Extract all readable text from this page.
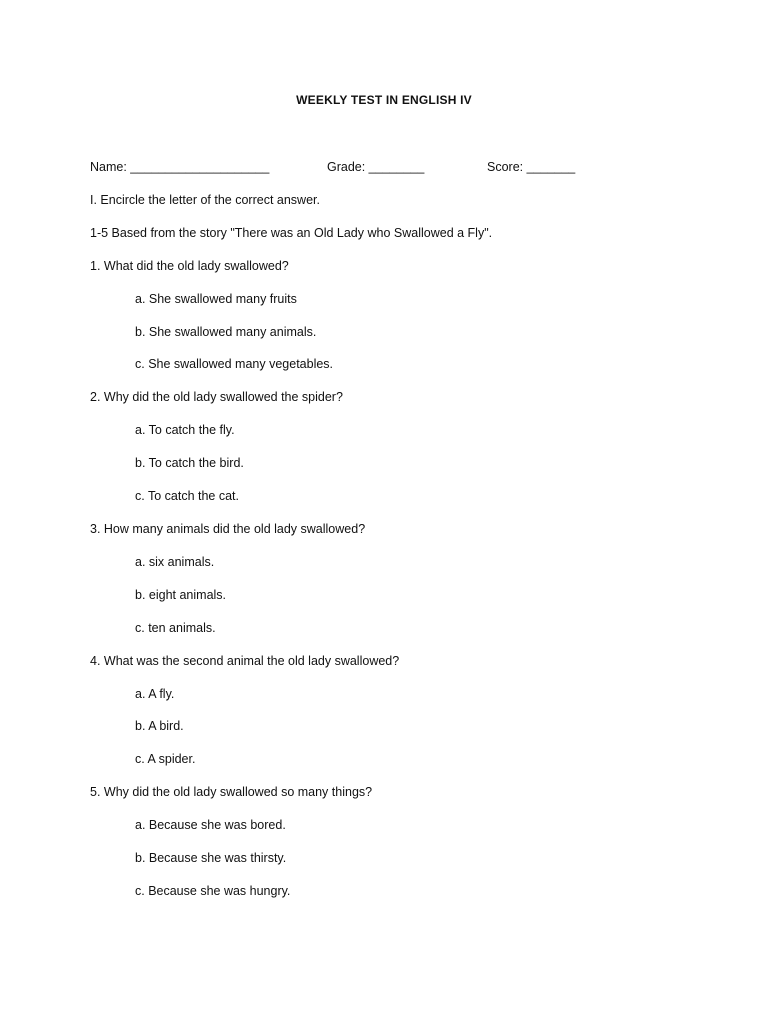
WEEKLY TEST IN ENGLISH IV
Name: ____________________	Grade: ________	Score: _______
I. Encircle the letter of the correct answer.
1-5 Based from the story "There was an Old Lady who Swallowed a Fly".
1. What did the old lady swallowed?
a. She swallowed many fruits
b. She swallowed many animals.
c. She swallowed many vegetables.
2. Why did the old lady swallowed the spider?
a. To catch the fly.
b. To catch the bird.
c. To catch the cat.
3. How many animals did the old lady swallowed?
a. six animals.
b. eight animals.
c. ten animals.
4. What was the second animal the old lady swallowed?
a. A fly.
b. A bird.
c. A spider.
5. Why did the old lady swallowed so many things?
a. Because she was bored.
b. Because she was thirsty.
c. Because she was hungry.
